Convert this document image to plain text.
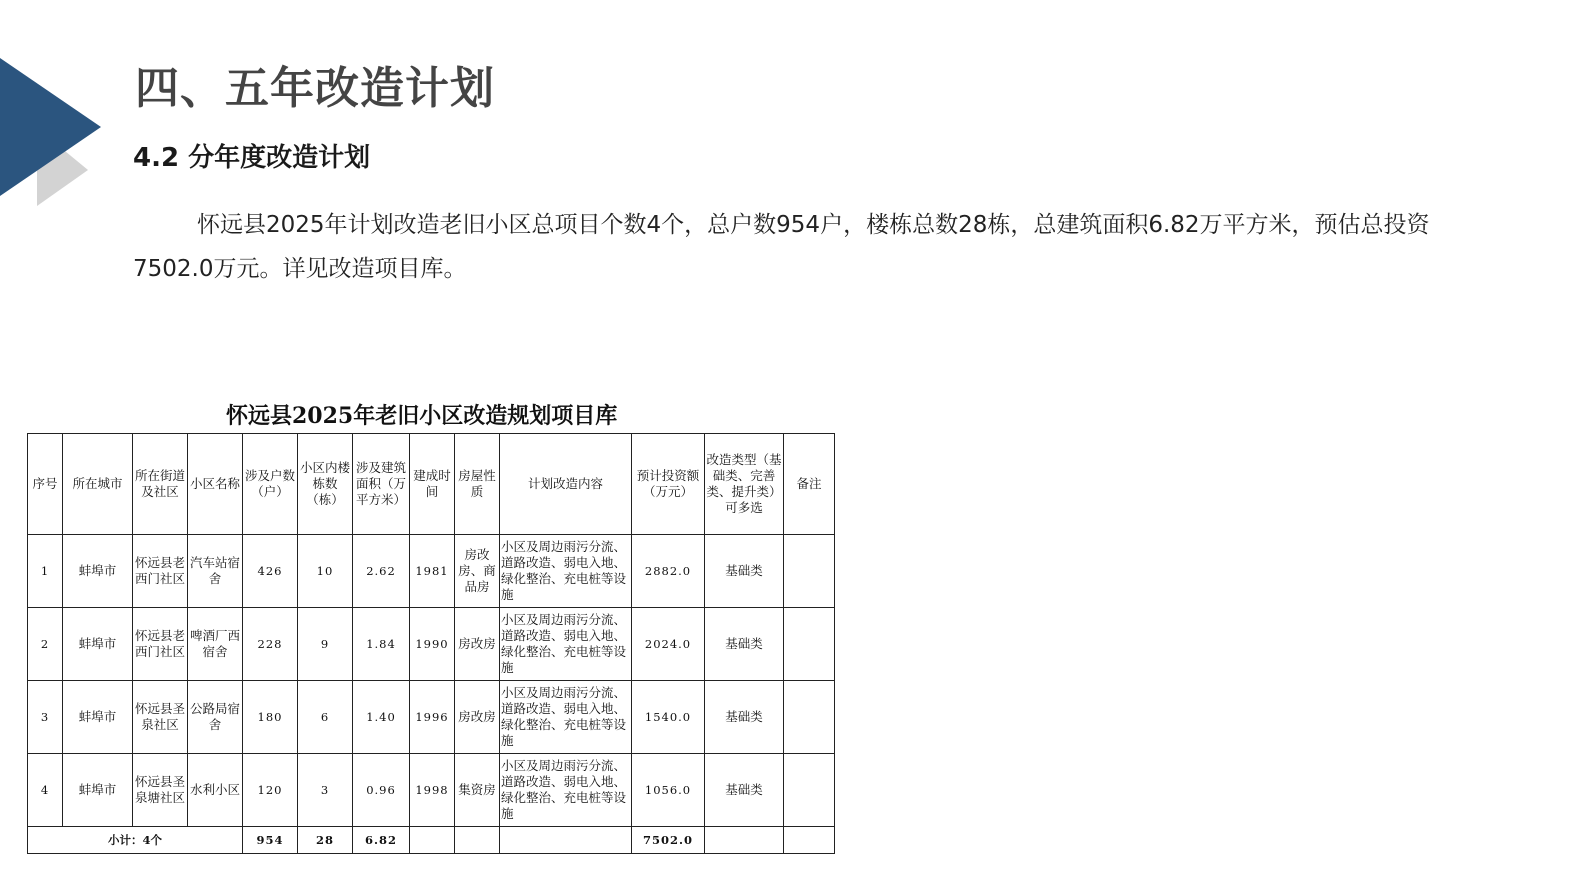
四、五年改造计划
4.2 分年度改造计划

怀远县2025年计划改造老旧小区总项目个数4个，总户数954户，楼栋总数28栋，总建筑面积6.82万平方米，预估总投资7502.0万元。详见改造项目库。

怀远县2025年老旧小区改造规划项目库
序号	所在城市	所在街道及社区	小区名称	涉及户数（户）	小区内楼栋数（栋）	涉及建筑面积（万平方米）	建成时间	房屋性质	计划改造内容	预计投资额（万元）	改造类型（基础类、完善类、提升类）可多选	备注
1	蚌埠市	怀远县老西门社区	汽车站宿舍	426	10	2.62	1981	房改房、商品房	小区及周边雨污分流、道路改造、弱电入地、绿化整治、充电桩等设施	2882.0	基础类	
2	蚌埠市	怀远县老西门社区	啤酒厂西宿舍	228	9	1.84	1990	房改房	小区及周边雨污分流、道路改造、弱电入地、绿化整治、充电桩等设施	2024.0	基础类	
3	蚌埠市	怀远县圣泉社区	公路局宿舍	180	6	1.40	1996	房改房	小区及周边雨污分流、道路改造、弱电入地、绿化整治、充电桩等设施	1540.0	基础类	
4	蚌埠市	怀远县圣泉塘社区	水利小区	120	3	0.96	1998	集资房	小区及周边雨污分流、道路改造、弱电入地、绿化整治、充电桩等设施	1056.0	基础类	
小计：4个				954	28	6.82				7502.0		
